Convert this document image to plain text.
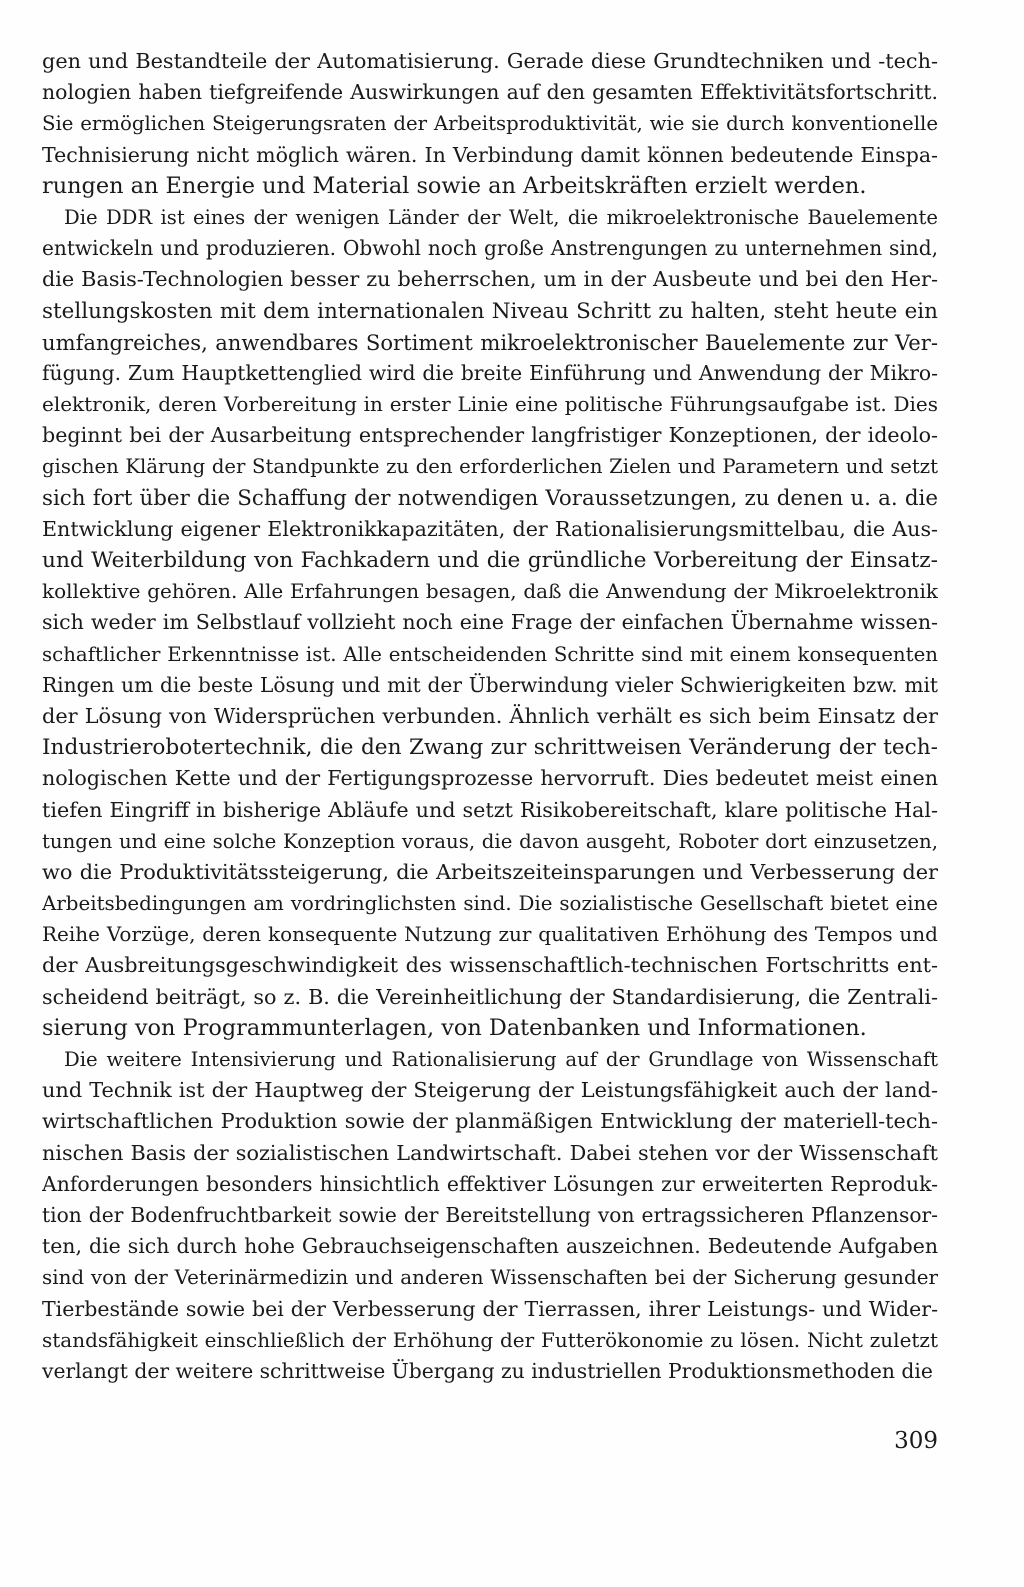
gen und Bestandteile der Automatisierung. Gerade diese Grundtechniken und -tech-
nologien haben tiefgreifende Auswirkungen auf den gesamten Effektivitätsfortschritt.
Sie ermöglichen Steigerungsraten der Arbeitsproduktivität, wie sie durch konventionelle
Technisierung nicht möglich wären. In Verbindung damit können bedeutende Einspa-
rungen an Energie und Material sowie an Arbeitskräften erzielt werden.
Die DDR ist eines der wenigen Länder der Welt, die mikroelektronische Bauelemente
entwickeln und produzieren. Obwohl noch große Anstrengungen zu unternehmen sind,
die Basis-Technologien besser zu beherrschen, um in der Ausbeute und bei den Her-
stellungskosten mit dem internationalen Niveau Schritt zu halten, steht heute ein
umfangreiches, anwendbares Sortiment mikroelektronischer Bauelemente zur Ver-
fügung. Zum Hauptkettenglied wird die breite Einführung und Anwendung der Mikro-
elektronik, deren Vorbereitung in erster Linie eine politische Führungsaufgabe ist. Dies
beginnt bei der Ausarbeitung entsprechender langfristiger Konzeptionen, der ideolo-
gischen Klärung der Standpunkte zu den erforderlichen Zielen und Parametern und setzt
sich fort über die Schaffung der notwendigen Voraussetzungen, zu denen u. a. die
Entwicklung eigener Elektronikkapazitäten, der Rationalisierungsmittelbau, die Aus-
und Weiterbildung von Fachkadern und die gründliche Vorbereitung der Einsatz-
kollektive gehören. Alle Erfahrungen besagen, daß die Anwendung der Mikroelektronik
sich weder im Selbstlauf vollzieht noch eine Frage der einfachen Übernahme wissen-
schaftlicher Erkenntnisse ist. Alle entscheidenden Schritte sind mit einem konsequenten
Ringen um die beste Lösung und mit der Überwindung vieler Schwierigkeiten bzw. mit
der Lösung von Widersprüchen verbunden. Ähnlich verhält es sich beim Einsatz der
Industrierobotertechnik, die den Zwang zur schrittweisen Veränderung der tech-
nologischen Kette und der Fertigungsprozesse hervorruft. Dies bedeutet meist einen
tiefen Eingriff in bisherige Abläufe und setzt Risikobereitschaft, klare politische Hal-
tungen und eine solche Konzeption voraus, die davon ausgeht, Roboter dort einzusetzen,
wo die Produktivitätssteigerung, die Arbeitszeiteinsparungen und Verbesserung der
Arbeitsbedingungen am vordringlichsten sind. Die sozialistische Gesellschaft bietet eine
Reihe Vorzüge, deren konsequente Nutzung zur qualitativen Erhöhung des Tempos und
der Ausbreitungsgeschwindigkeit des wissenschaftlich-technischen Fortschritts ent-
scheidend beiträgt, so z. B. die Vereinheitlichung der Standardisierung, die Zentrali-
sierung von Programmunterlagen, von Datenbanken und Informationen.
Die weitere Intensivierung und Rationalisierung auf der Grundlage von Wissenschaft
und Technik ist der Hauptweg der Steigerung der Leistungsfähigkeit auch der land-
wirtschaftlichen Produktion sowie der planmäßigen Entwicklung der materiell-tech-
nischen Basis der sozialistischen Landwirtschaft. Dabei stehen vor der Wissenschaft
Anforderungen besonders hinsichtlich effektiver Lösungen zur erweiterten Reproduk-
tion der Bodenfruchtbarkeit sowie der Bereitstellung von ertragssicheren Pflanzensor-
ten, die sich durch hohe Gebrauchseigenschaften auszeichnen. Bedeutende Aufgaben
sind von der Veterinärmedizin und anderen Wissenschaften bei der Sicherung gesunder
Tierbestände sowie bei der Verbesserung der Tierrassen, ihrer Leistungs- und Wider-
standsfähigkeit einschließlich der Erhöhung der Futterökonomie zu lösen. Nicht zuletzt
verlangt der weitere schrittweise Übergang zu industriellen Produktionsmethoden die
309
